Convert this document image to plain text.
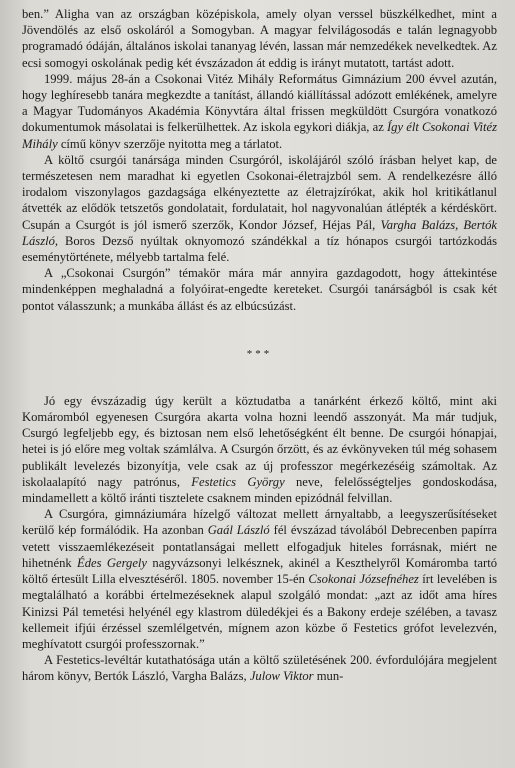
ben.” Aligha van az országban középiskola, amely olyan verssel büszkélkedhet, mint a Jövendölés az első oskoláról a Somogyban. A magyar felvilágosodás e talán legnagyobb programadó ódáján, általános iskolai tananyag lévén, lassan már nemzedékek nevelkedtek. Az ecsi somogyi oskolának pedig két évszázadon át eddig is irányt mutatott, tartást adott.

1999. május 28-án a Csokonai Vitéz Mihály Református Gimnázium 200 évvel azután, hogy leghíresebb tanára megkezdte a tanítást, állandó kiállítással adózott emlékének, amelyre a Magyar Tudományos Akadémia Könyvtára által frissen megküldött Csurgóra vonatkozó dokumentumok másolatai is felkerülhettek. Az iskola egykori diákja, az Így élt Csokonai Vitéz Mihály című könyv szerzője nyitotta meg a tárlatot.

A költő csurgói tanársága minden Csurgóról, iskolájáról szóló írásban helyet kap, de természetesen nem maradhat ki egyetlen Csokonai-életrajzból sem. A rendelkezésre álló irodalom viszonylagos gazdagsága elkényeztette az életrajzírókat, akik hol kritikátlanul átvették az elődök tetszetős gondolatait, fordulatait, hol nagyvonalúan átlépték a kérdéskört. Csupán a Csurgót is jól ismerő szerzők, Kondor József, Héjas Pál, Vargha Balázs, Bertók László, Boros Dezső nyúltak oknyomozó szándékkal a tíz hónapos csurgói tartózkodás eseménytörténete, mélyebb tartalma felé.

A „Csokonai Csurgón” témakör mára már annyira gazdagodott, hogy áttekintése mindenképpen meghaladná a folyóirat-engedte kereteket. Csurgói tanárságból is csak két pontot válasszunk; a munkába állást és az elbúcsúzást.

***

Jó egy évszázadig úgy került a köztudatba a tanárként érkező költő, mint aki Komáromból egyenesen Csurgóra akarta volna hozni leendő asszonyát. Ma már tudjuk, Csurgó legfeljebb egy, és biztosan nem első lehetőségként élt benne. De csurgói hónapjai, hetei is jó előre meg voltak számlálva. A Csurgón őrzött, és az évkönyveken túl még sohasem publikált levelezés bizonyítja, vele csak az új professzor megérkezéséig számoltak. Az iskolaalapító nagy patrónus, Festetics György neve, felelősségteljes gondoskodása, mindamellett a költő iránti tisztelete csaknem minden epizódnál felvillan.

A Csurgóra, gimnáziumára hízelgő változat mellett árnyaltabb, a leegyszerűsítéseket kerülő kép formálódik. Ha azonban Gaál László fél évszázad távolából Debrecenben papírra vetett visszaemlékezéseit pontatlanságai mellett elfogadjuk hiteles forrásnak, miért ne hihetnénk Édes Gergely nagyvázsonyi lelkésznek, akinél a Keszthelyről Komáromba tartó költő értesült Lilla elvesztéséről. 1805. november 15-én Csokonai Józsefnéhez írt levelében is megtalálható a korábbi értelmezéseknek alapul szolgáló mondat: „azt az időt ama híres Kinizsi Pál temetési helyénél egy klastrom düledékjei és a Bakony erdeje szélében, a tavasz kellemeit ifjúi érzéssel szemlélgetvén, mígnem azon közbe ő Festetics grófot levelezvén, meghívatott csurgói professzornak.”

A Festetics-levéltár kutathatósága után a költő születésének 200. évfordulójára megjelent három könyv, Bertók László, Vargha Balázs, Julow Viktor mun-
